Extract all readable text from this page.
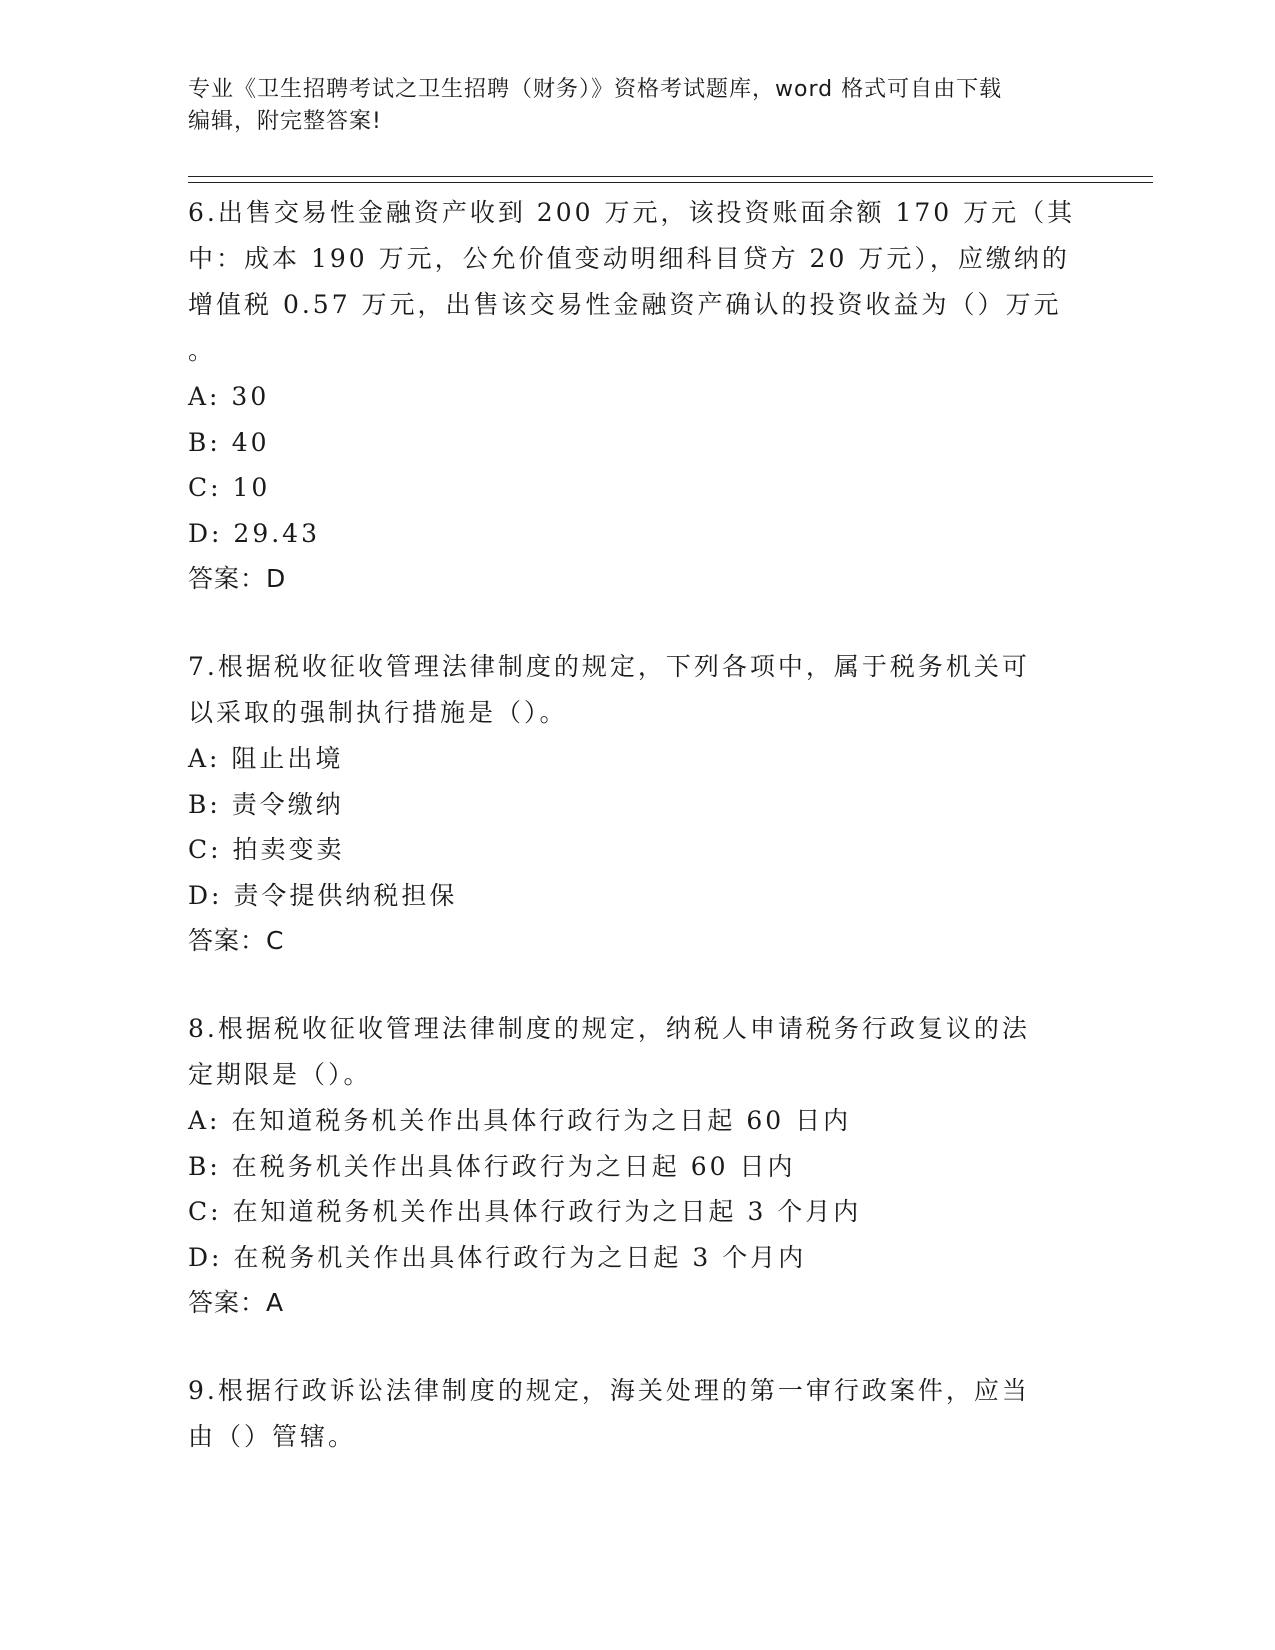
专业《卫生招聘考试之卫生招聘（财务）》资格考试题库，word 格式可自由下载
编辑，附完整答案!

6.出售交易性金融资产收到 200 万元，该投资账面余额 170 万元（其

中：成本 190 万元，公允价值变动明细科目贷方 20 万元），应缴纳的

增值税 0.57 万元，出售该交易性金融资产确认的投资收益为（）万元

。

A: 30

B: 40

C: 10

D: 29.43

答案：D

7.根据税收征收管理法律制度的规定，下列各项中，属于税务机关可

以采取的强制执行措施是（）。

A: 阻止出境

B: 责令缴纳

C: 拍卖变卖

D: 责令提供纳税担保

答案：C

8.根据税收征收管理法律制度的规定，纳税人申请税务行政复议的法

定期限是（）。

A: 在知道税务机关作出具体行政行为之日起 60 日内

B: 在税务机关作出具体行政行为之日起 60 日内

C: 在知道税务机关作出具体行政行为之日起 3 个月内

D: 在税务机关作出具体行政行为之日起 3 个月内

答案：A

9.根据行政诉讼法律制度的规定，海关处理的第一审行政案件，应当

由（）管辖。
